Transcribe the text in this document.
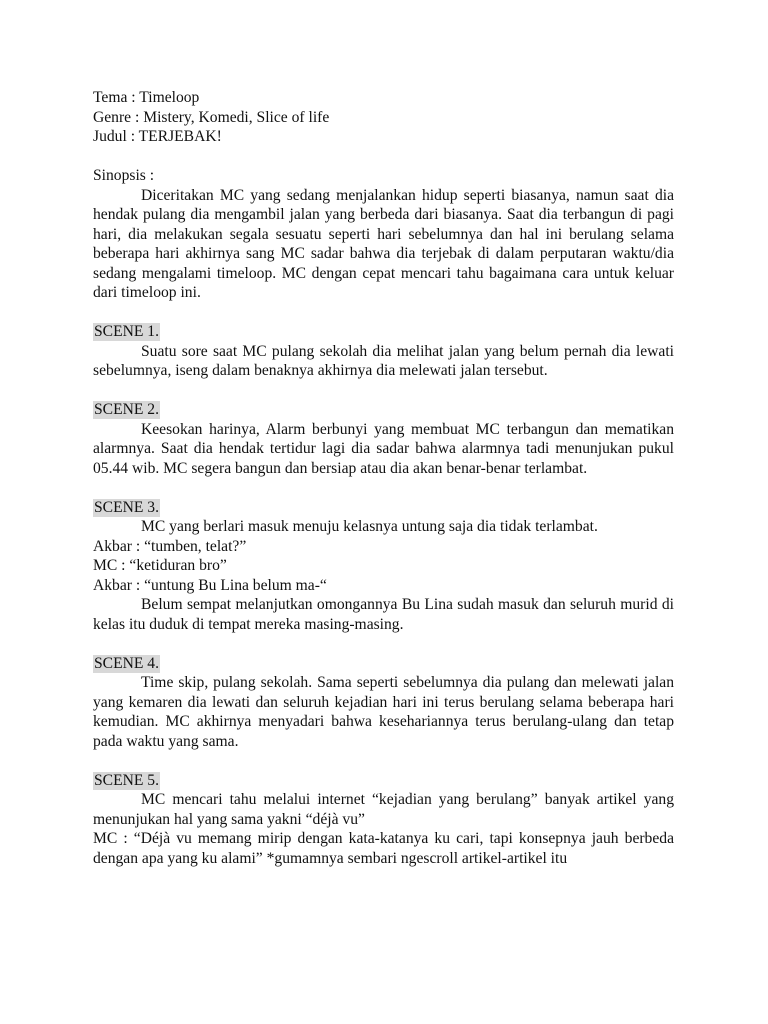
Tema : Timeloop

Genre : Mistery, Komedi, Slice of life

Judul : TERJEBAK!

Sinopsis :

Diceritakan MC yang sedang menjalankan hidup seperti biasanya, namun saat dia hendak pulang dia mengambil jalan yang berbeda dari biasanya. Saat dia terbangun di pagi hari, dia melakukan segala sesuatu seperti hari sebelumnya dan hal ini berulang selama beberapa hari akhirnya sang MC sadar bahwa dia terjebak di dalam perputaran waktu/dia sedang mengalami timeloop. MC dengan cepat mencari tahu bagaimana cara untuk keluar dari timeloop ini.

SCENE 1.

Suatu sore saat MC pulang sekolah dia melihat jalan yang belum pernah dia lewati sebelumnya, iseng dalam benaknya akhirnya dia melewati jalan tersebut.

SCENE 2.

Keesokan harinya, Alarm berbunyi yang membuat MC terbangun dan mematikan alarmnya. Saat dia hendak tertidur lagi dia sadar bahwa alarmnya tadi menunjukan pukul 05.44 wib. MC segera bangun dan bersiap atau dia akan benar-benar terlambat.

SCENE 3.

MC yang berlari masuk menuju kelasnya untung saja dia tidak terlambat.

Akbar : “tumben, telat?”

MC : “ketiduran bro”

Akbar : “untung Bu Lina belum ma-“

Belum sempat melanjutkan omongannya Bu Lina sudah masuk dan seluruh murid di kelas itu duduk di tempat mereka masing-masing.

SCENE 4.

Time skip, pulang sekolah. Sama seperti sebelumnya dia pulang dan melewati jalan yang kemaren dia lewati dan seluruh kejadian hari ini terus berulang selama beberapa hari kemudian. MC akhirnya menyadari bahwa kesehariannya terus berulang-ulang dan tetap pada waktu yang sama.

SCENE 5.

MC mencari tahu melalui internet “kejadian yang berulang” banyak artikel yang menunjukan hal yang sama yakni “déjà vu”

MC : “Déjà vu memang mirip dengan kata-katanya ku cari, tapi konsepnya jauh berbeda dengan apa yang ku alami” *gumamnya sembari ngescroll artikel-artikel itu
